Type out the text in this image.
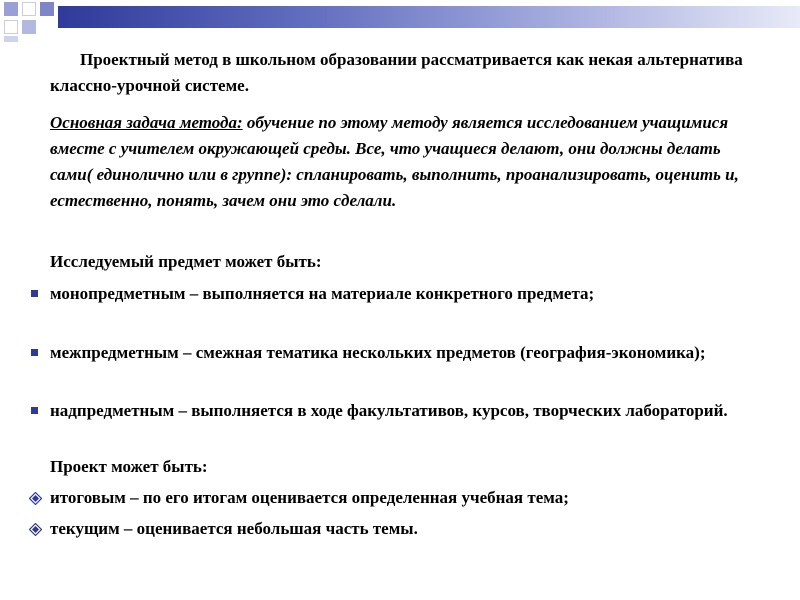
Проектный метод в школьном образовании рассматривается как некая альтернатива классно-урочной системе.
Основная задача метода: обучение по этому методу является исследованием учащимися вместе с учителем окружающей среды. Все, что учащиеся делают, они должны делать сами( единолично или в группе): спланировать, выполнить, проанализировать, оценить и, естественно, понять, зачем они это сделали.
Исследуемый предмет может быть:
монопредметным – выполняется на материале конкретного предмета;
межпредметным – смежная тематика нескольких предметов (география-экономика);
надпредметным – выполняется в ходе факультативов, курсов, творческих лабораторий.
Проект может быть:
итоговым – по его итогам оценивается определенная учебная тема;
текущим – оценивается небольшая часть темы.
